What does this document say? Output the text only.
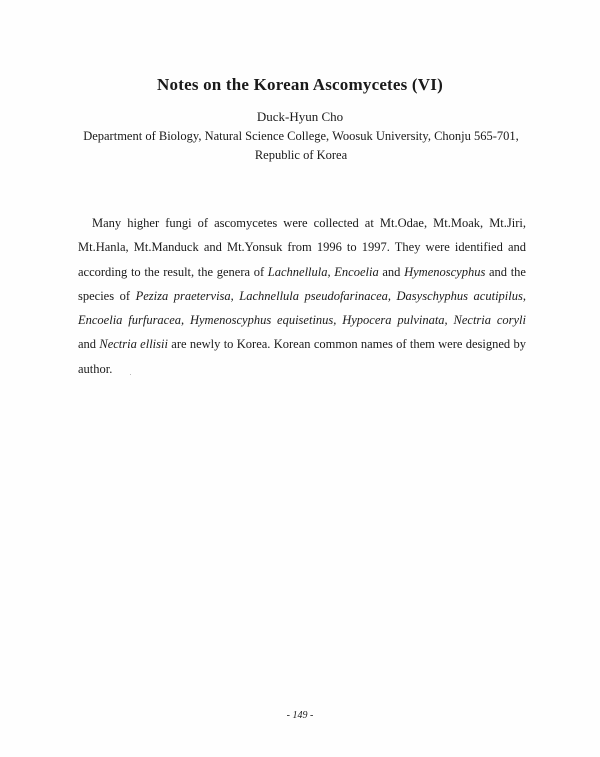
Notes on the Korean Ascomycetes (VI)
Duck-Hyun Cho
Department of Biology, Natural Science College, Woosuk University, Chonju 565-701,
Republic of Korea
Many higher fungi of ascomycetes were collected at Mt.Odae, Mt.Moak, Mt.Jiri, Mt.Hanla, Mt.Manduck and Mt.Yonsuk from 1996 to 1997. They were identified and according to the result, the genera of Lachnellula, Encoelia and Hymenoscyphus and the species of Peziza praetervisa, Lachnellula pseudofarinacea, Dasyschyphus acutipilus, Encoelia furfuracea, Hymenoscyphus equisetinus, Hypocera pulvinata, Nectria coryli and Nectria ellisii are newly to Korea. Korean common names of them were designed by author.
- 149 -
